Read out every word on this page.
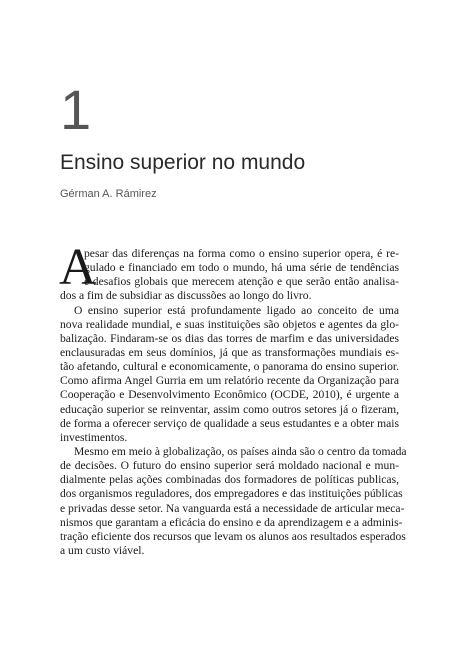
1
Ensino superior no mundo
Gérman A. Rámirez
A
pesar das diferenças na forma como o ensino superior opera, é re-
gulado e financiado em todo o mundo, há uma série de tendências
e desafios globais que merecem atenção e que serão então analisa-
dos a fim de subsidiar as discussões ao longo do livro.
O ensino superior está profundamente ligado ao conceito de uma
nova realidade mundial, e suas instituições são objetos e agentes da glo-
balização. Findaram-se os dias das torres de marfim e das universidades
enclausuradas em seus domínios, já que as transformações mundiais es-
tão afetando, cultural e economicamente, o panorama do ensino superior.
Como afirma Angel Gurria em um relatório recente da Organização para
Cooperação e Desenvolvimento Econômico (OCDE, 2010), é urgente a
educação superior se reinventar, assim como outros setores já o fizeram,
de forma a oferecer serviço de qualidade a seus estudantes e a obter mais
investimentos.
Mesmo em meio à globalização, os países ainda são o centro da tomada
de decisões. O futuro do ensino superior será moldado nacional e mun-
dialmente pelas ações combinadas dos formadores de políticas publicas,
dos organismos reguladores, dos empregadores e das instituições públicas
e privadas desse setor. Na vanguarda está a necessidade de articular meca-
nismos que garantam a eficácia do ensino e da aprendizagem e a adminis-
tração eficiente dos recursos que levam os alunos aos resultados esperados
a um custo viável.
